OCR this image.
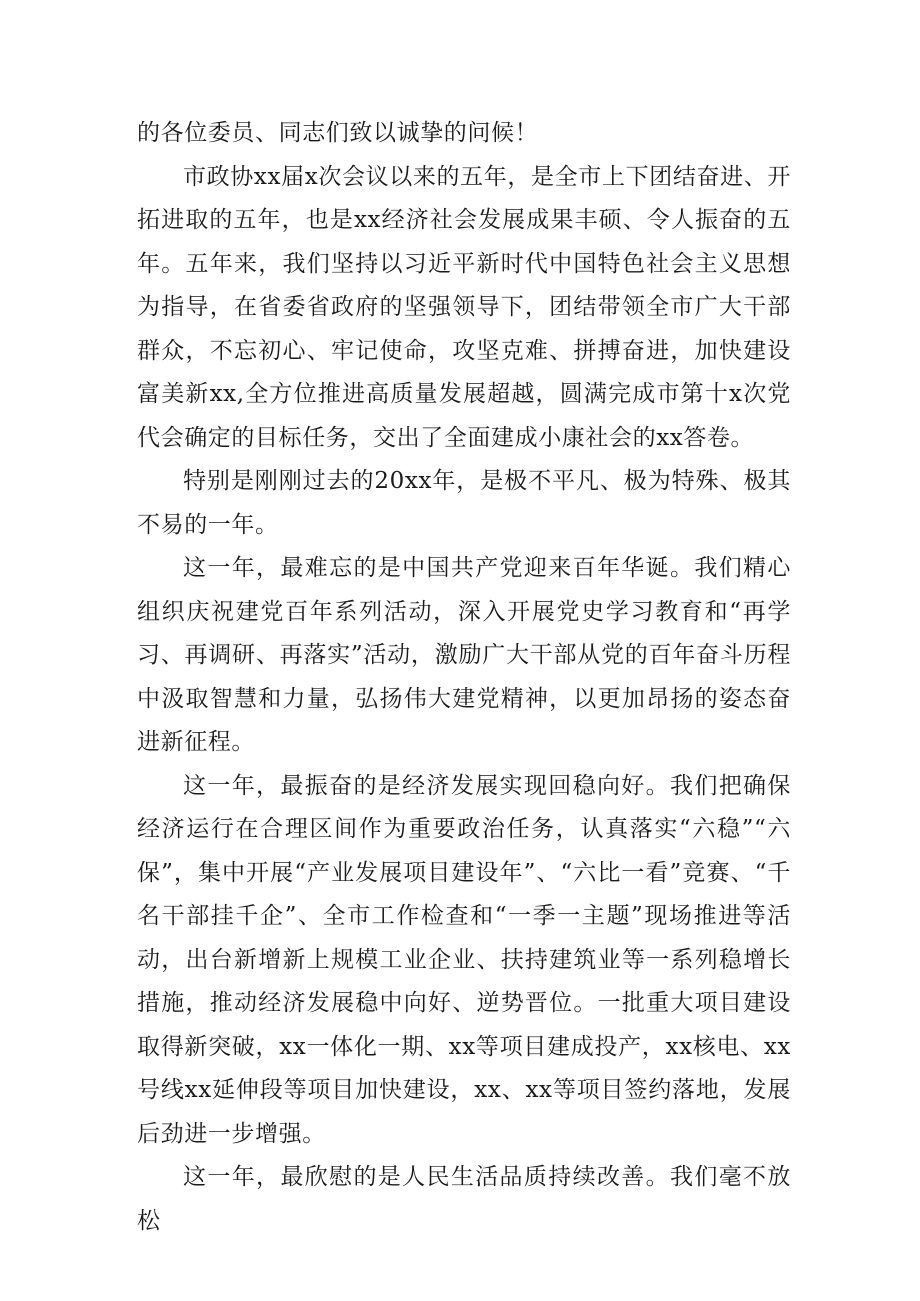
的各位委员、同志们致以诚挚的问候！

市政协xx届x次会议以来的五年，是全市上下团结奋进、开拓进取的五年，也是xx经济社会发展成果丰硕、令人振奋的五年。五年来，我们坚持以习近平新时代中国特色社会主义思想为指导，在省委省政府的坚强领导下，团结带领全市广大干部群众，不忘初心、牢记使命，攻坚克难、拼搏奋进，加快建设富美新xx,全方位推进高质量发展超越，圆满完成市第十x次党代会确定的目标任务，交出了全面建成小康社会的xx答卷。

特别是刚刚过去的20xx年，是极不平凡、极为特殊、极其不易的一年。

这一年，最难忘的是中国共产党迎来百年华诞。我们精心组织庆祝建党百年系列活动，深入开展党史学习教育和“再学习、再调研、再落实”活动，激励广大干部从党的百年奋斗历程中汲取智慧和力量，弘扬伟大建党精神，以更加昂扬的姿态奋进新征程。

这一年，最振奋的是经济发展实现回稳向好。我们把确保经济运行在合理区间作为重要政治任务，认真落实“六稳”“六保”，集中开展“产业发展项目建设年”、“六比一看”竞赛、“千名干部挂千企”、全市工作检查和“一季一主题”现场推进等活动，出台新增新上规模工业企业、扶持建筑业等一系列稳增长措施，推动经济发展稳中向好、逆势晋位。一批重大项目建设取得新突破，xx一体化一期、xx等项目建成投产，xx核电、xx号线xx延伸段等项目加快建设，xx、xx等项目签约落地，发展后劲进一步增强。

这一年，最欣慰的是人民生活品质持续改善。我们毫不放松
